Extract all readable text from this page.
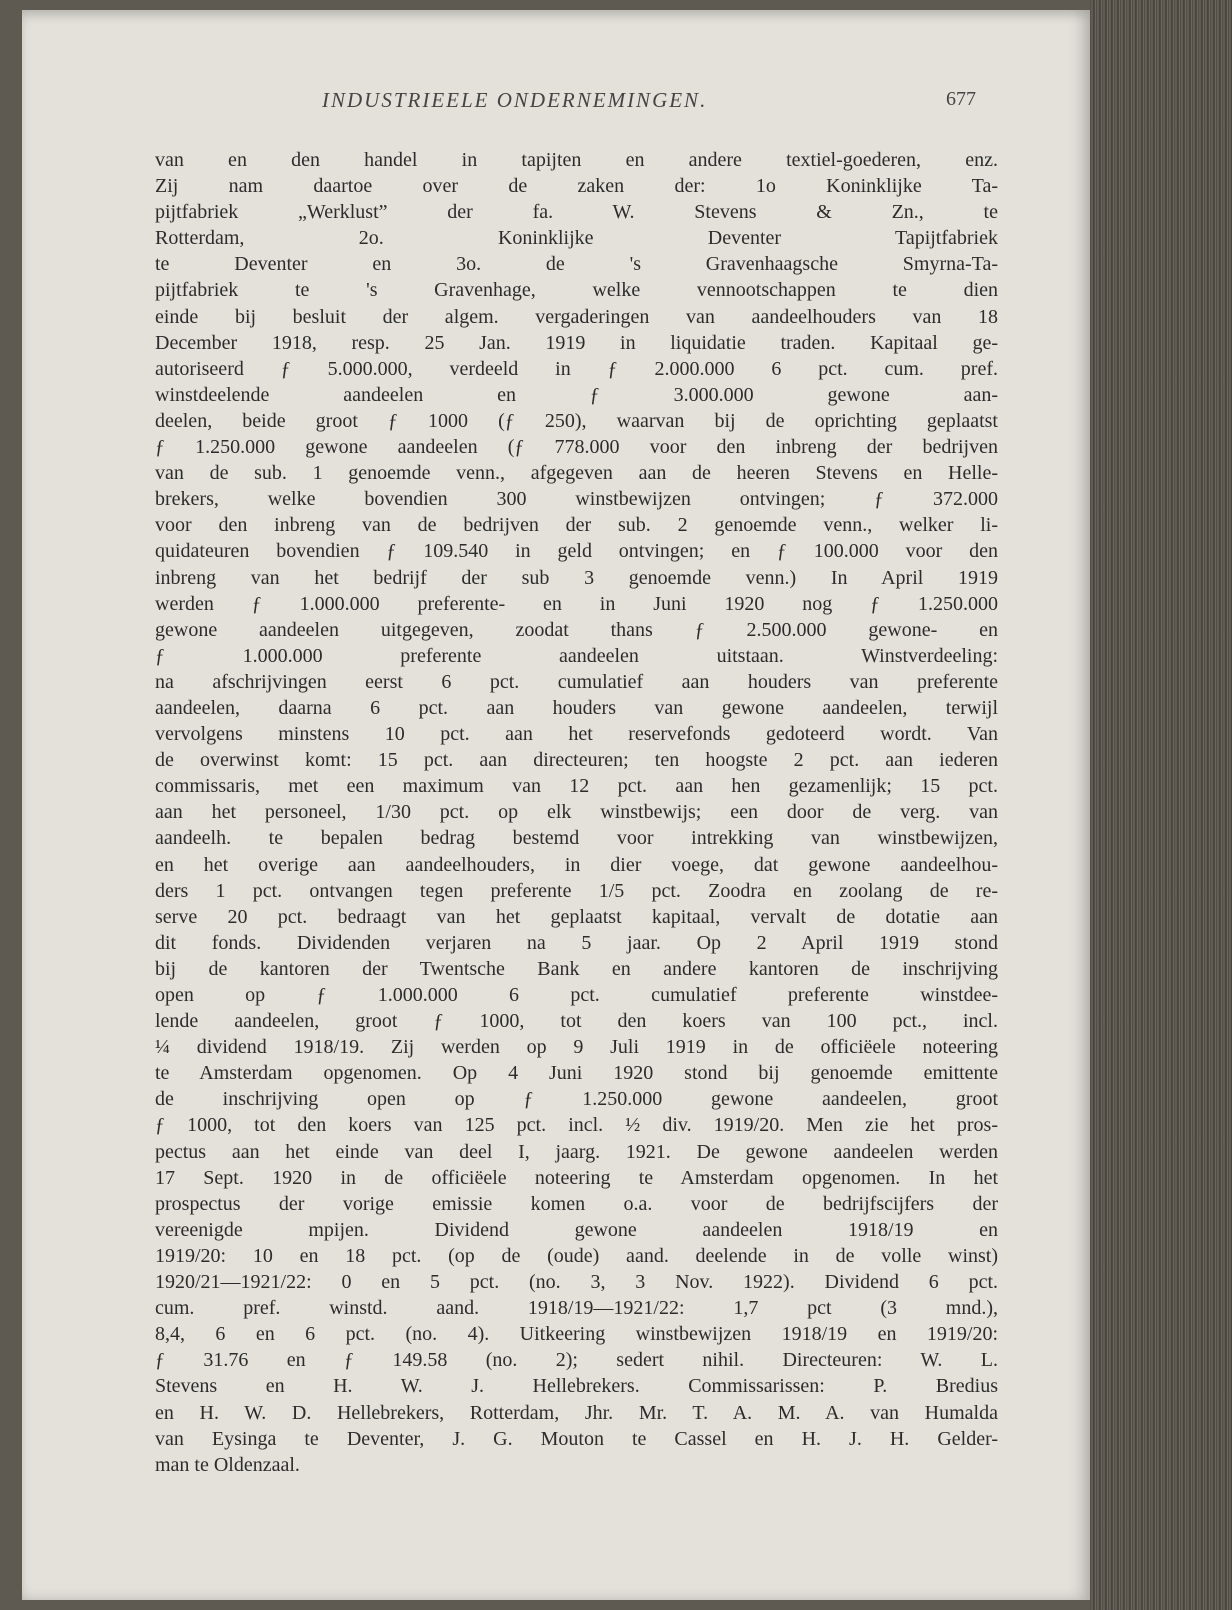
INDUSTRIEELE ONDERNEMINGEN.	677
van en den handel in tapijten en andere textiel-goederen, enz.
Zij nam daartoe over de zaken der: 1o Koninklijke Ta-
pijtfabriek „Werklust” der fa. W. Stevens & Zn., te
Rotterdam, 2o. Koninklijke Deventer Tapijtfabriek
te Deventer en 3o. de 's Gravenhaagsche Smyrna-Ta-
pijtfabriek te 's Gravenhage, welke vennootschappen te dien
einde bij besluit der algem. vergaderingen van aandeelhouders van 18
December 1918, resp. 25 Jan. 1919 in liquidatie traden. Kapitaal ge-
autoriseerd ƒ 5.000.000, verdeeld in ƒ 2.000.000 6 pct. cum. pref.
winstdeelende aandeelen en ƒ 3.000.000 gewone aan-
deelen, beide groot ƒ 1000 (ƒ 250), waarvan bij de oprichting geplaatst
ƒ 1.250.000 gewone aandeelen (ƒ 778.000 voor den inbreng der bedrijven
van de sub. 1 genoemde venn., afgegeven aan de heeren Stevens en Helle-
brekers, welke bovendien 300 winstbewijzen ontvingen; ƒ 372.000
voor den inbreng van de bedrijven der sub. 2 genoemde venn., welker li-
quidateuren bovendien ƒ 109.540 in geld ontvingen; en ƒ 100.000 voor den
inbreng van het bedrijf der sub 3 genoemde venn.) In April 1919
werden ƒ 1.000.000 preferente- en in Juni 1920 nog ƒ 1.250.000
gewone aandeelen uitgegeven, zoodat thans ƒ 2.500.000 gewone- en
ƒ 1.000.000 preferente aandeelen uitstaan. Winstverdeeling:
na afschrijvingen eerst 6 pct. cumulatief aan houders van preferente
aandeelen, daarna 6 pct. aan houders van gewone aandeelen, terwijl
vervolgens minstens 10 pct. aan het reservefonds gedoteerd wordt. Van
de overwinst komt: 15 pct. aan directeuren; ten hoogste 2 pct. aan iederen
commissaris, met een maximum van 12 pct. aan hen gezamenlijk; 15 pct.
aan het personeel, 1/30 pct. op elk winstbewijs; een door de verg. van
aandeelh. te bepalen bedrag bestemd voor intrekking van winstbewijzen,
en het overige aan aandeelhouders, in dier voege, dat gewone aandeelhou-
ders 1 pct. ontvangen tegen preferente 1/5 pct. Zoodra en zoolang de re-
serve 20 pct. bedraagt van het geplaatst kapitaal, vervalt de dotatie aan
dit fonds. Dividenden verjaren na 5 jaar. Op 2 April 1919 stond
bij de kantoren der Twentsche Bank en andere kantoren de inschrijving
open op ƒ 1.000.000 6 pct. cumulatief preferente winstdee-
lende aandeelen, groot ƒ 1000, tot den koers van 100 pct., incl.
¼ dividend 1918/19. Zij werden op 9 Juli 1919 in de officiëele noteering
te Amsterdam opgenomen. Op 4 Juni 1920 stond bij genoemde emittente
de inschrijving open op ƒ 1.250.000 gewone aandeelen, groot
ƒ 1000, tot den koers van 125 pct. incl. ½ div. 1919/20. Men zie het pros-
pectus aan het einde van deel I, jaarg. 1921. De gewone aandeelen werden
17 Sept. 1920 in de officiëele noteering te Amsterdam opgenomen. In het
prospectus der vorige emissie komen o.a. voor de bedrijfscijfers der
vereenigde mpijen. Dividend gewone aandeelen 1918/19 en
1919/20: 10 en 18 pct. (op de (oude) aand. deelende in de volle winst)
1920/21—1921/22: 0 en 5 pct. (no. 3, 3 Nov. 1922). Dividend 6 pct.
cum. pref. winstd. aand. 1918/19—1921/22: 1,7 pct (3 mnd.),
8,4, 6 en 6 pct. (no. 4). Uitkeering winstbewijzen 1918/19 en 1919/20:
ƒ 31.76 en ƒ 149.58 (no. 2); sedert nihil. Directeuren: W. L.
Stevens en H. W. J. Hellebrekers. Commissarissen: P. Bredius
en H. W. D. Hellebrekers, Rotterdam, Jhr. Mr. T. A. M. A. van Humalda
van Eysinga te Deventer, J. G. Mouton te Cassel en H. J. H. Gelder-
man te Oldenzaal.
